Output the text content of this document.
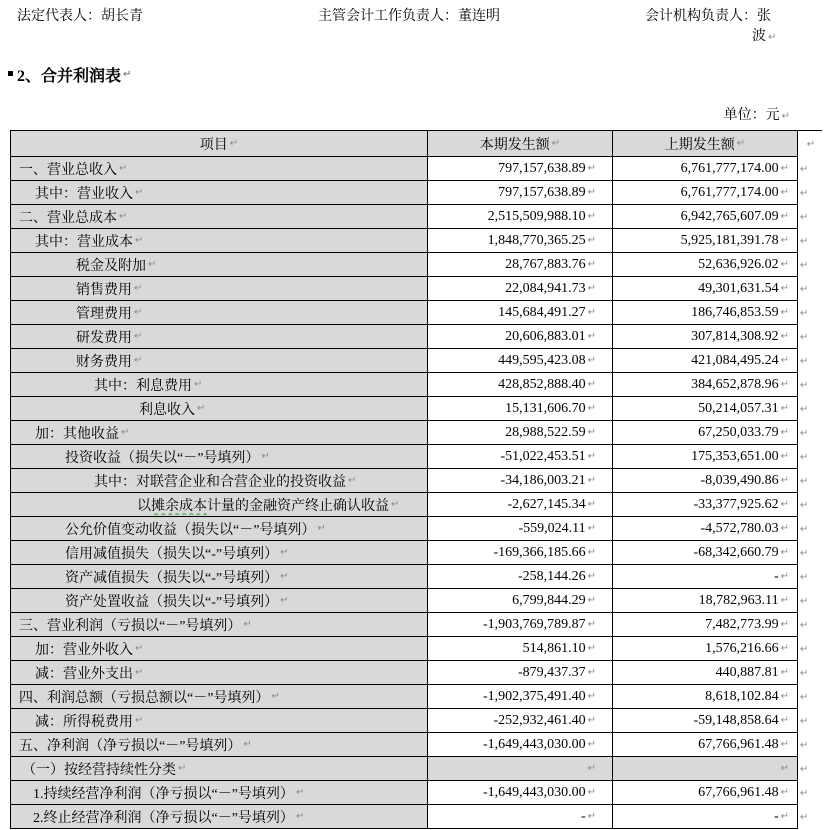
法定代表人：胡长青	主管会计工作负责人：董连明	会计机构负责人：张
波 ↵
2、合并利润表 ↵
单位：元 ↵
项目 ↵	本期发生额 ↵	上期发生额 ↵	↵
一、营业总收入 ↵	797,157,638.89 ↵	6,761,777,174.00 ↵ ↵
其中：营业收入 ↵	797,157,638.89 ↵	6,761,777,174.00 ↵ ↵
二、营业总成本 ↵	2,515,509,988.10 ↵	6,942,765,607.09 ↵ ↵
其中：营业成本 ↵	1,848,770,365.25 ↵	5,925,181,391.78 ↵ ↵
税金及附加 ↵	28,767,883.76 ↵	52,636,926.02 ↵ ↵
销售费用 ↵	22,084,941.73 ↵	49,301,631.54 ↵ ↵
管理费用 ↵	145,684,491.27 ↵	186,746,853.59 ↵ ↵
研发费用 ↵	20,606,883.01 ↵	307,814,308.92 ↵ ↵
财务费用 ↵	449,595,423.08 ↵	421,084,495.24 ↵ ↵
其中：利息费用 ↵	428,852,888.40 ↵	384,652,878.96 ↵ ↵
利息收入 ↵	15,131,606.70 ↵	50,214,057.31 ↵ ↵
加：其他收益 ↵	28,988,522.59 ↵	67,250,033.79 ↵ ↵
投资收益（损失以“－”号填列） ↵	-51,022,453.51 ↵	175,353,651.00 ↵ ↵
其中：对联营企业和合营企业的投资收益 ↵	-34,186,003.21 ↵	-8,039,490.86 ↵ ↵
以摊余成本计量的金融资产终止确认收益 ↵	-2,627,145.34 ↵	-33,377,925.62 ↵ ↵
公允价值变动收益（损失以“－”号填列） ↵	-559,024.11 ↵	-4,572,780.03 ↵ ↵
信用减值损失（损失以“-”号填列） ↵	-169,366,185.66 ↵	-68,342,660.79 ↵ ↵
资产减值损失（损失以“-”号填列） ↵	-258,144.26 ↵	- ↵ ↵
资产处置收益（损失以“-”号填列） ↵	6,799,844.29 ↵	18,782,963.11 ↵ ↵
三、营业利润（亏损以“－”号填列） ↵	-1,903,769,789.87 ↵	7,482,773.99 ↵ ↵
加：营业外收入 ↵	514,861.10 ↵	1,576,216.66 ↵ ↵
减：营业外支出 ↵	-879,437.37 ↵	440,887.81 ↵ ↵
四、利润总额（亏损总额以“－”号填列） ↵	-1,902,375,491.40 ↵	8,618,102.84 ↵ ↵
减：所得税费用 ↵	-252,932,461.40 ↵	-59,148,858.64 ↵ ↵
五、净利润（净亏损以“－”号填列） ↵	-1,649,443,030.00 ↵	67,766,961.48 ↵ ↵
（一）按经营持续性分类 ↵	↵	↵ ↵
1.持续经营净利润（净亏损以“－”号填列） ↵	-1,649,443,030.00 ↵	67,766,961.48 ↵ ↵
2.终止经营净利润（净亏损以“－”号填列） ↵	- ↵	- ↵ ↵
